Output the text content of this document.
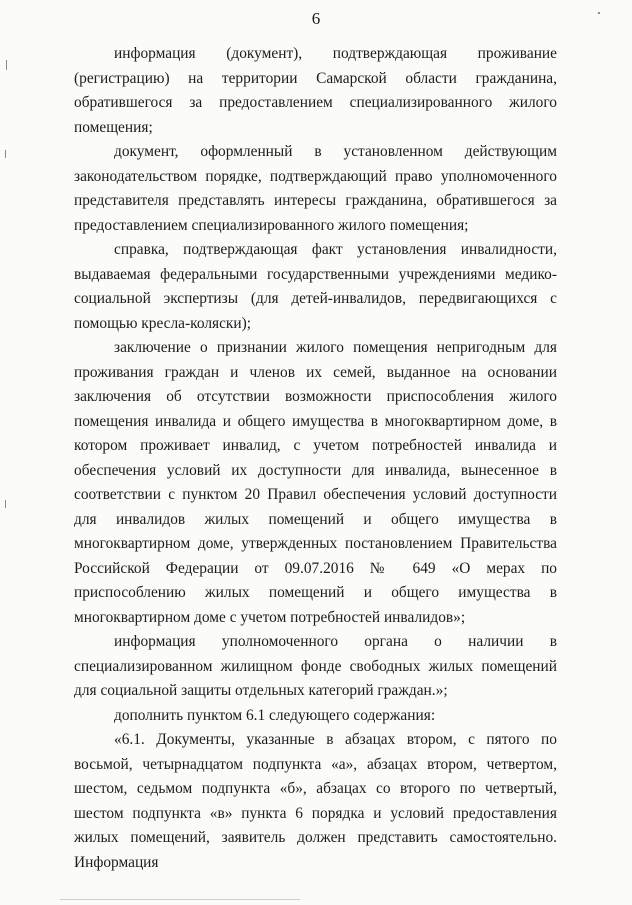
6

информация (документ), подтверждающая проживание (регистрацию) на территории Самарской области гражданина, обратившегося за предоставлением специализированного жилого помещения;

документ, оформленный в установленном действующим законодательством порядке, подтверждающий право уполномоченного представителя представлять интересы гражданина, обратившегося за предоставлением специализированного жилого помещения;

справка, подтверждающая факт установления инвалидности, выдаваемая федеральными государственными учреждениями медико-социальной экспертизы (для детей-инвалидов, передвигающихся с помощью кресла-коляски);

заключение о признании жилого помещения непригодным для проживания граждан и членов их семей, выданное на основании заключения об отсутствии возможности приспособления жилого помещения инвалида и общего имущества в многоквартирном доме, в котором проживает инвалид, с учетом потребностей инвалида и обеспечения условий их доступности для инвалида, вынесенное в соответствии с пунктом 20 Правил обеспечения условий доступности для инвалидов жилых помещений и общего имущества в многоквартирном доме, утвержденных постановлением Правительства Российской Федерации от 09.07.2016 № 649 «О мерах по приспособлению жилых помещений и общего имущества в многоквартирном доме с учетом потребностей инвалидов»;

информация уполномоченного органа о наличии в специализированном жилищном фонде свободных жилых помещений для социальной защиты отдельных категорий граждан.»;

дополнить пунктом 6.1 следующего содержания:

«6.1. Документы, указанные в абзацах втором, с пятого по восьмой, четырнадцатом подпункта «а», абзацах втором, четвертом, шестом, седьмом подпункта «б», абзацах со второго по четвертый, шестом подпункта «в» пункта 6 порядка и условий предоставления жилых помещений, заявитель должен представить самостоятельно. Информация
